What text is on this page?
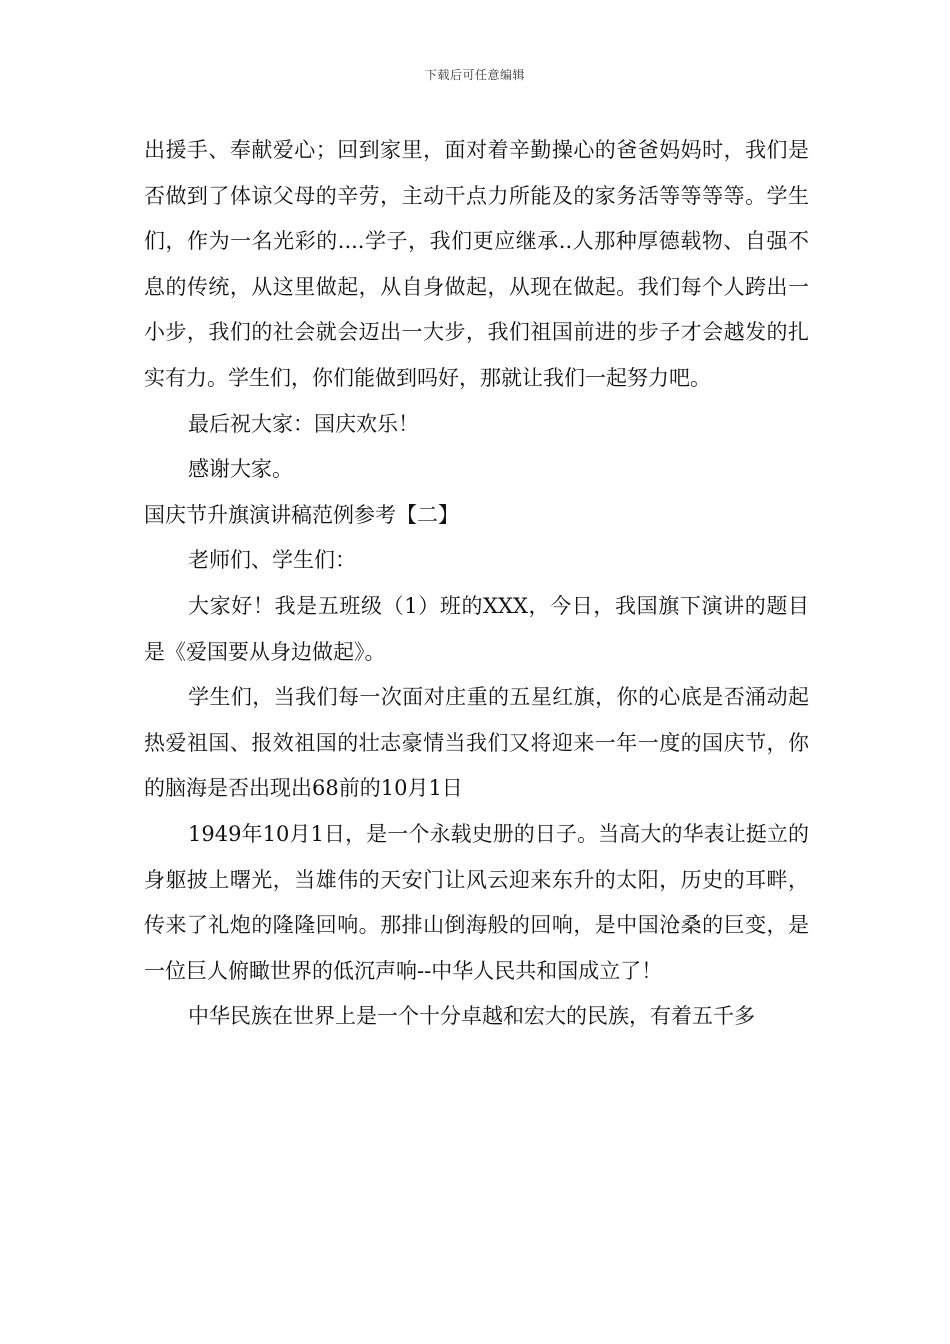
下载后可任意编辑

出援手、奉献爱心；回到家里，面对着辛勤操心的爸爸妈妈时，我们是否做到了体谅父母的辛劳，主动干点力所能及的家务活等等等等。学生们，作为一名光彩的....学子，我们更应继承..人那种厚德载物、自强不息的传统，从这里做起，从自身做起，从现在做起。我们每个人跨出一小步，我们的社会就会迈出一大步，我们祖国前进的步子才会越发的扎实有力。学生们，你们能做到吗好，那就让我们一起努力吧。

最后祝大家：国庆欢乐！

感谢大家。

国庆节升旗演讲稿范例参考【二】

老师们、学生们：

大家好！我是五班级（1）班的XXX，今日，我国旗下演讲的题目是《爱国要从身边做起》。

学生们，当我们每一次面对庄重的五星红旗，你的心底是否涌动起热爱祖国、报效祖国的壮志豪情当我们又将迎来一年一度的国庆节，你的脑海是否出现出68前的10月1日

1949年10月1日，是一个永载史册的日子。当高大的华表让挺立的身躯披上曙光，当雄伟的天安门让风云迎来东升的太阳，历史的耳畔，传来了礼炮的隆隆回响。那排山倒海般的回响，是中国沧桑的巨变，是一位巨人俯瞰世界的低沉声响--中华人民共和国成立了！

中华民族在世界上是一个十分卓越和宏大的民族，有着五千多
